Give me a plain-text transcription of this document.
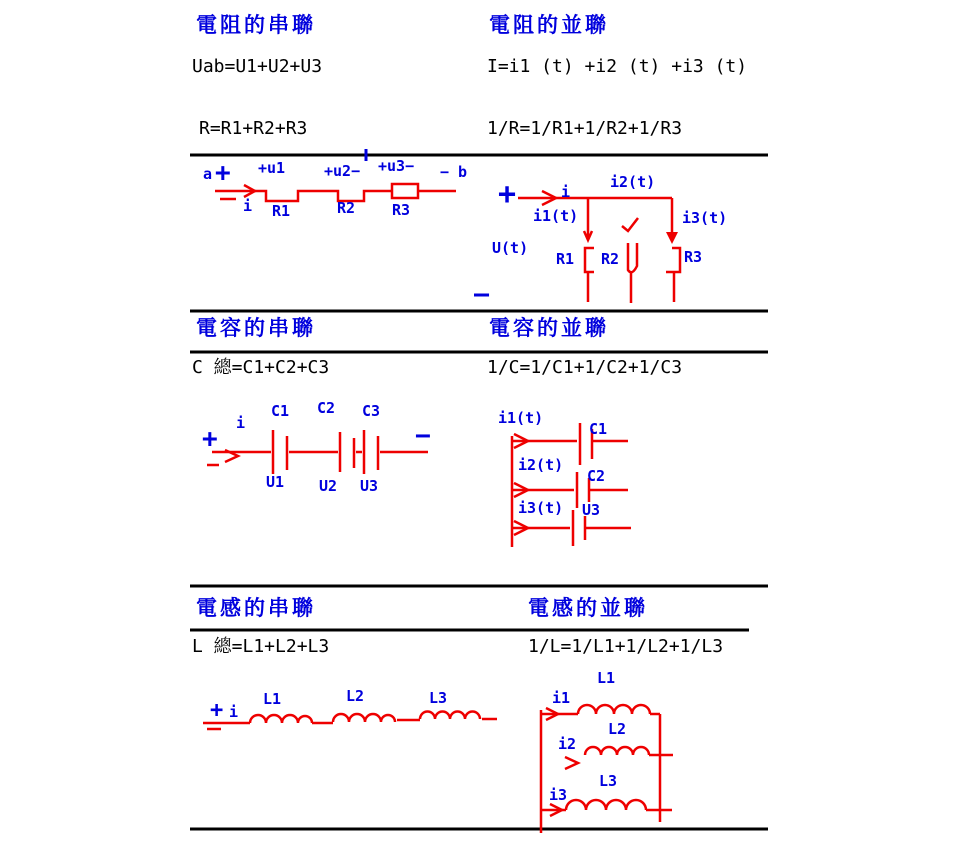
電阻的串聯	電阻的並聯
Uab=U1+U2+U3	I=i1 (t) +i2 (t) +i3 (t)
R=R1+R2+R3	1/R=1/R1+1/R2+1/R3
a + +u1	+u2− +u3− − b
i R1	R2 R3	+	i
i2(t)
i1(t)	i3(t)
U(t)
R1 R2	R3
—
電容的串聯	電容的並聯
C 總=C1+C2+C3	1/C=1/C1+1/C2+1/C3
+
i
C1 C2 C3
−
U1 U2 U3
i1(t)
C1
i2(t)
C2
i3(t) U3
電感的串聯	電感的並聯
L 總=L1+L2+L3	1/L=1/L1+1/L2+1/L3
+ i
L1	L2	L3
L1
i1
L2
i2
L3
i3
